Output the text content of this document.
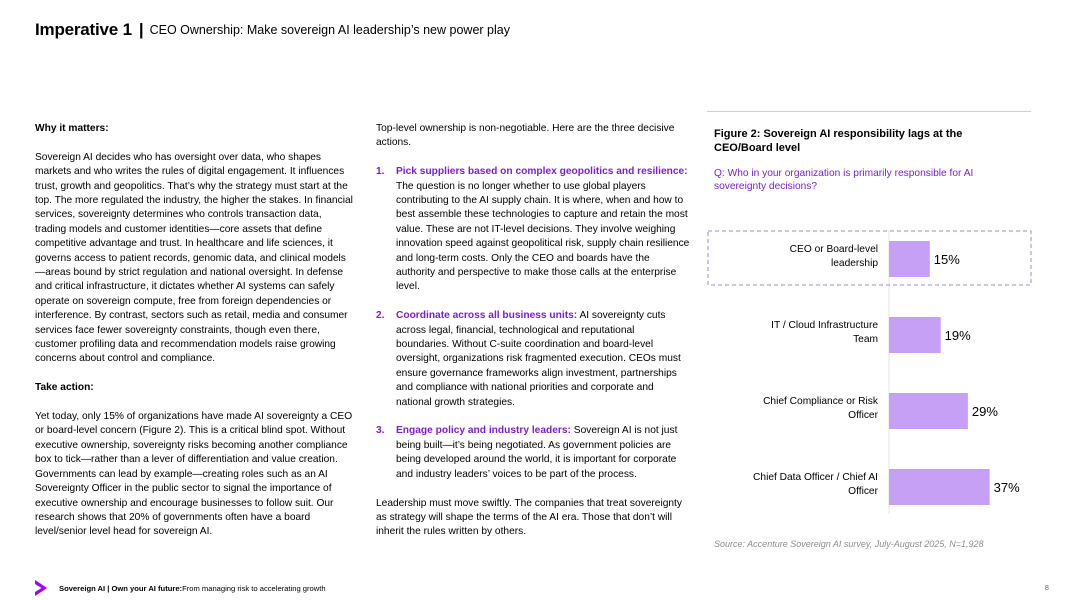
Imperative 1 | CEO Ownership: Make sovereign AI leadership’s new power play

Why it matters:

Sovereign AI decides who has oversight over data, who shapes markets and who writes the rules of digital engagement. It influences trust, growth and geopolitics. That’s why the strategy must start at the top. The more regulated the industry, the higher the stakes. In financial services, sovereignty determines who controls transaction data, trading models and customer identities—core assets that define competitive advantage and trust. In healthcare and life sciences, it governs access to patient records, genomic data, and clinical models—areas bound by strict regulation and national oversight. In defense and critical infrastructure, it dictates whether AI systems can safely operate on sovereign compute, free from foreign dependencies or interference. By contrast, sectors such as retail, media and consumer services face fewer sovereignty constraints, though even there, customer profiling data and recommendation models raise growing concerns about control and compliance.

Take action:

Yet today, only 15% of organizations have made AI sovereignty a CEO or board-level concern (Figure 2). This is a critical blind spot. Without executive ownership, sovereignty risks becoming another compliance box to tick—rather than a lever of differentiation and value creation. Governments can lead by example—creating roles such as an AI Sovereignty Officer in the public sector to signal the importance of executive ownership and encourage businesses to follow suit. Our research shows that 20% of governments often have a board level/senior level head for sovereign AI.

Top-level ownership is non-negotiable. Here are the three decisive actions.

1. Pick suppliers based on complex geopolitics and resilience: The question is no longer whether to use global players contributing to the AI supply chain. It is where, when and how to best assemble these technologies to capture and retain the most value. These are not IT-level decisions. They involve weighing innovation speed against geopolitical risk, supply chain resilience and long-term costs. Only the CEO and boards have the authority and perspective to make those calls at the enterprise level.
2. Coordinate across all business units: AI sovereignty cuts across legal, financial, technological and reputational boundaries. Without C-suite coordination and board-level oversight, organizations risk fragmented execution. CEOs must ensure governance frameworks align investment, partnerships and compliance with national priorities and corporate and national growth strategies.
3. Engage policy and industry leaders: Sovereign AI is not just being built—it’s being negotiated. As government policies are being developed around the world, it is important for corporate and industry leaders’ voices to be part of the process.

Leadership must move swiftly. The companies that treat sovereignty as strategy will shape the terms of the AI era. Those that don’t will inherit the rules written by others.

Figure 2: Sovereign AI responsibility lags at the CEO/Board level
Q: Who in your organization is primarily responsible for AI sovereignty decisions?
CEO or Board-level leadership	15%
IT / Cloud Infrastructure Team	19%
Chief Compliance or Risk Officer	29%
Chief Data Officer / Chief AI Officer	37%
Source: Accenture Sovereign AI survey, July-August 2025, N=1,928
Sovereign AI | Own your AI future: From managing risk to accelerating growth	8
